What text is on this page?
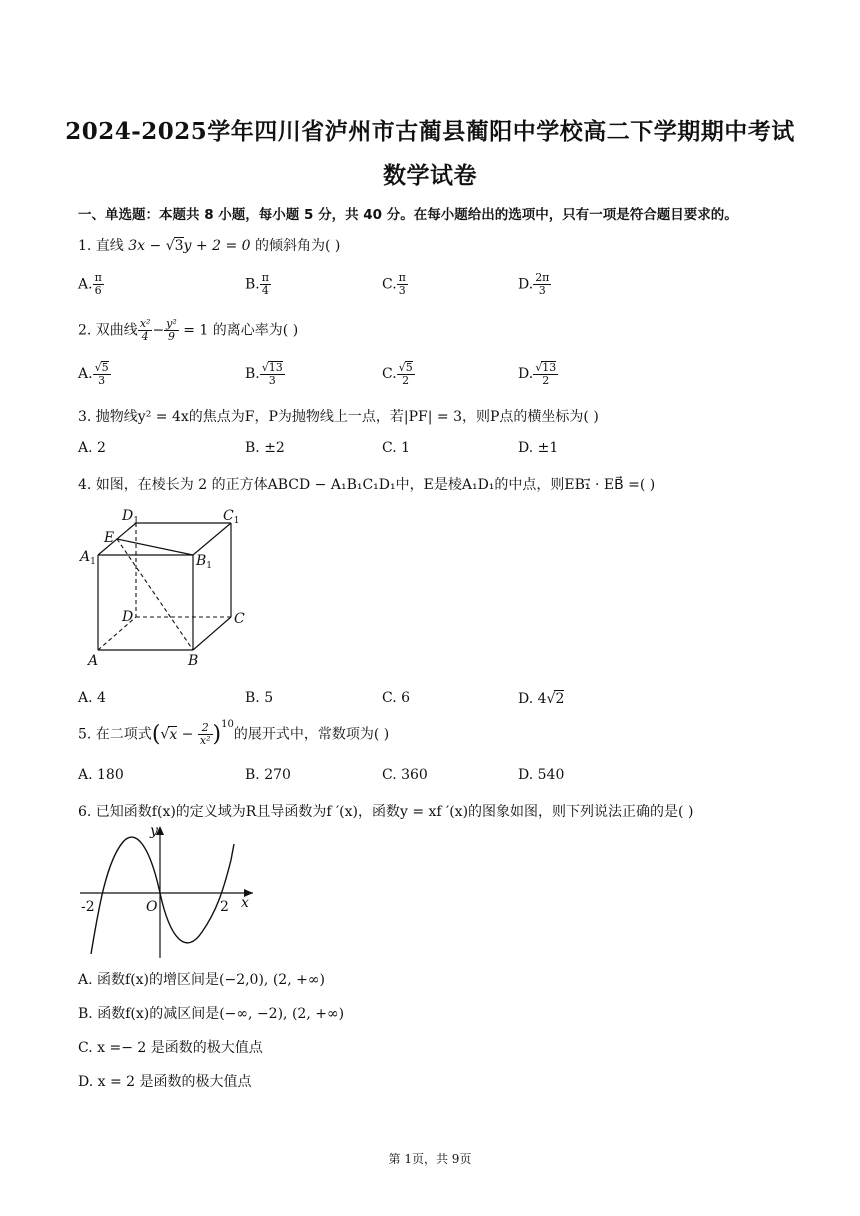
2024-2025学年四川省泸州市古蔺县蔺阳中学校高二下学期期中考试
数学试卷
一、单选题：本题共 8 小题，每小题 5 分，共 40 分。在每小题给出的选项中，只有一项是符合题目要求的。
1. 直线 3x − √3y + 2 = 0 的倾斜角为( )
A. $\frac{\pi}{6}$	B. $\frac{\pi}{4}$	C. $\frac{\pi}{3}$	D. $\frac{2\pi}{3}$
2. 双曲线 $\frac{\text{x²}}{4} - \frac{\text{y²}}{9} = 1$ 的离心率为( )
A. $\frac{√5}{3}$	B. $\frac{√13}{3}$	C. $\frac{√5}{2}$	D. $\frac{√13}{2}$
3. 抛物线y² = 4x的焦点为F，P为抛物线上一点，若|PF| = 3，则P点的横坐标为( )
A. 2	B. ±2	C. 1	D. ±1
4. 如图，在棱长为 2 的正方体ABCD − A₁B₁C₁D₁中，E是棱A₁D₁的中点，则EB₁⃗ · EB⃗ =( )
$D_1$	$C_1$
$A_1$	$B_1$
E
D	C
A	B
A. 4	B. 5	C. 6	D. 4√2
5. 在二项式$(√x - \frac{2}{\text{x²}} )^{10}$的展开式中，常数项为( )
A. 180	B. 270	C. 360	D. 540
6. 已知函数f(x)的定义域为R且导函数为f ′(x)，函数y = xf ′(x)的图象如图，则下列说法正确的是( )
y
x
O
-2	2
A. 函数f(x)的增区间是(−2,0), (2, +∞)
B. 函数f(x)的减区间是(−∞, −2), (2, +∞)
C. x =− 2 是函数的极大值点
D. x = 2 是函数的极大值点
第 1页，共 9页
